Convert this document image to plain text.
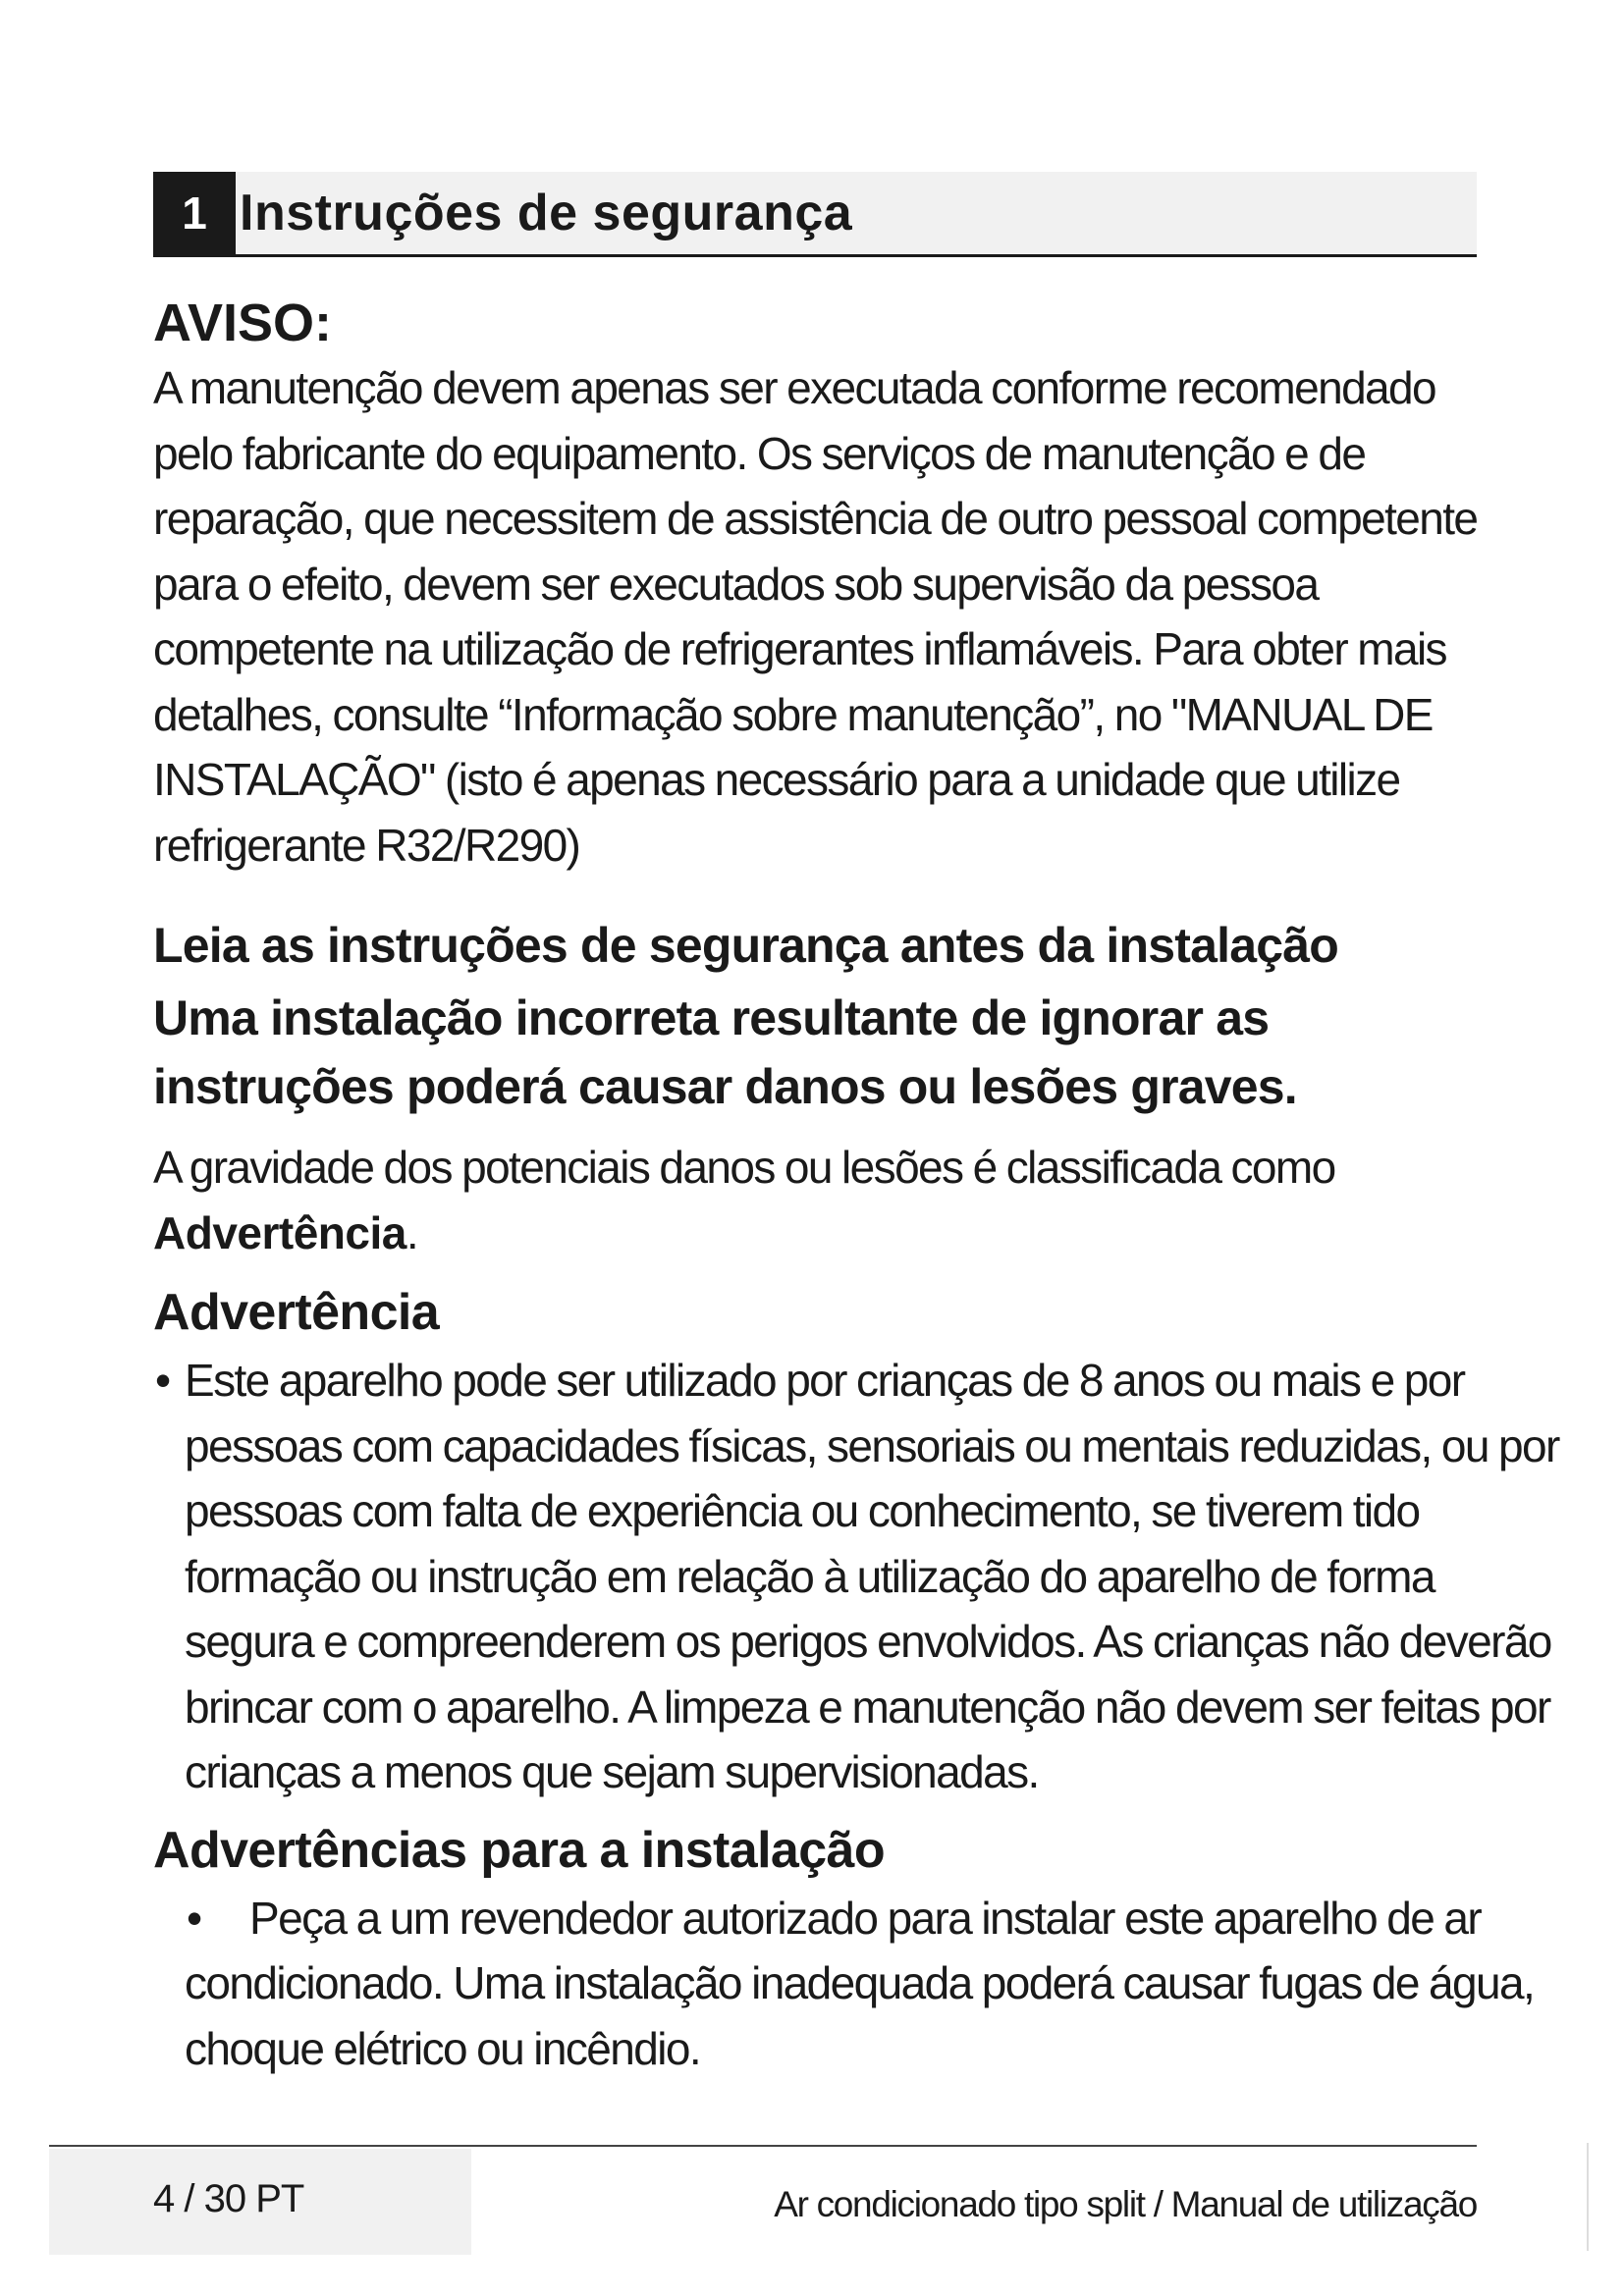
1 Instruções de segurança
AVISO:

A manutenção devem apenas ser executada conforme recomendado pelo fabricante do equipamento. Os serviços de manutenção e de reparação, que necessitem de assistência de outro pessoal competente para o efeito, devem ser executados sob supervisão da pessoa competente na utilização de refrigerantes inflamáveis. Para obter mais detalhes, consulte “Informação sobre manutenção”, no "MANUAL DE INSTALAÇÃO" (isto é apenas necessário para a unidade que utilize refrigerante R32/R290)

Leia as instruções de segurança antes da instalação

Uma instalação incorreta resultante de ignorar as instruções poderá causar danos ou lesões graves.

A gravidade dos potenciais danos ou lesões é classificada como Advertência.

Advertência

• Este aparelho pode ser utilizado por crianças de 8 anos ou mais e por pessoas com capacidades físicas, sensoriais ou mentais reduzidas, ou por pessoas com falta de experiência ou conhecimento, se tiverem tido formação ou instrução em relação à utilização do aparelho de forma segura e compreenderem os perigos envolvidos. As crianças não deverão brincar com o aparelho. A limpeza e manutenção não devem ser feitas por crianças a menos que sejam supervisionadas.

Advertências para a instalação

• Peça a um revendedor autorizado para instalar este aparelho de ar condicionado. Uma instalação inadequada poderá causar fugas de água, choque elétrico ou incêndio.
4 / 30 PT	Ar condicionado tipo split / Manual de utilização
